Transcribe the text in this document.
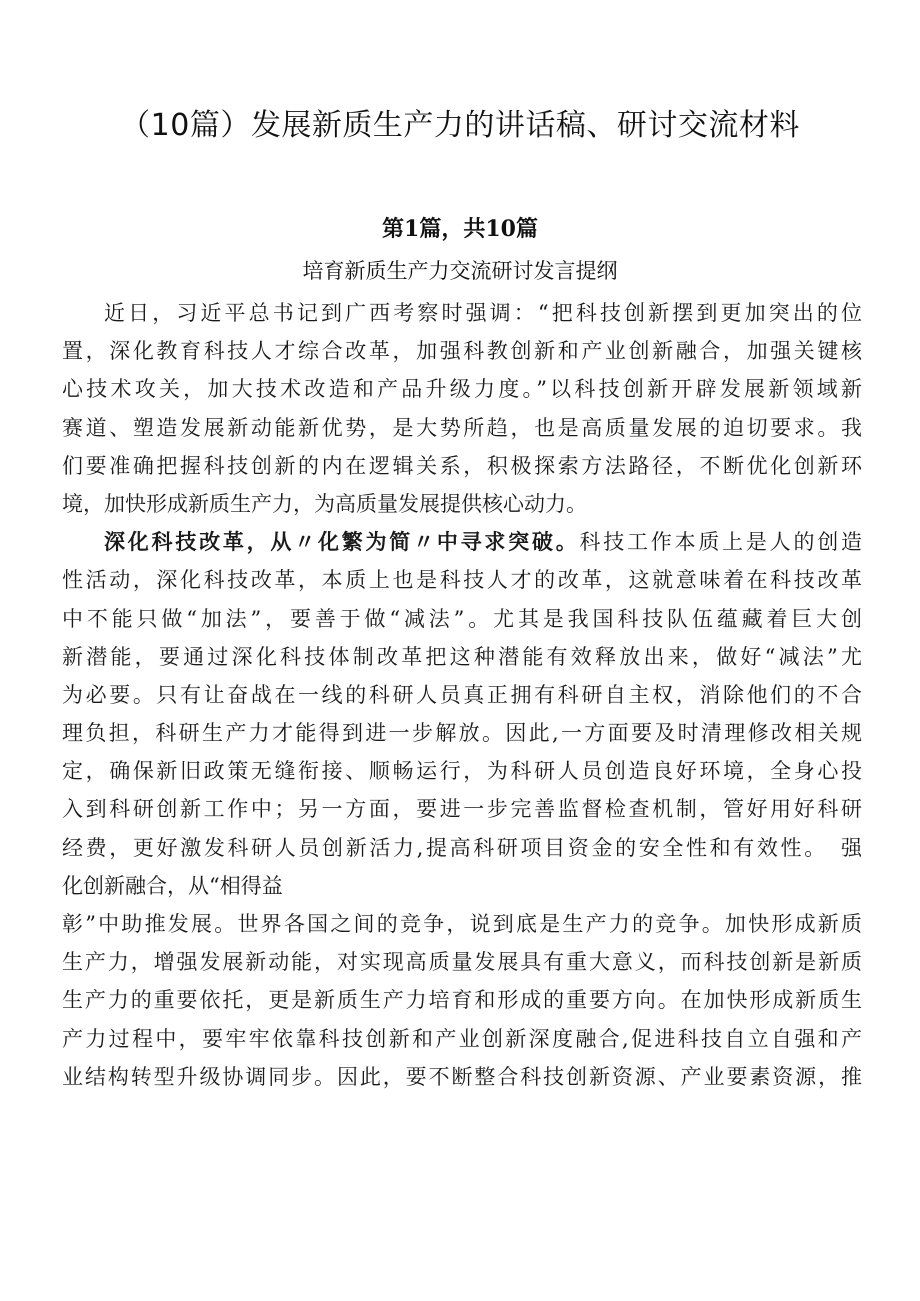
（10篇）发展新质生产力的讲话稿、研讨交流材料
第1篇，共10篇
培育新质生产力交流研讨发言提纲
近日，习近平总书记到广西考察时强调：“把科技创新摆到更加突出的位
置，深化教育科技人才综合改革，加强科教创新和产业创新融合，加强关键核
心技术攻关，加大技术改造和产品升级力度。”以科技创新开辟发展新领域新
赛道、塑造发展新动能新优势，是大势所趋，也是高质量发展的迫切要求。我
们要准确把握科技创新的内在逻辑关系，积极探索方法路径，不断优化创新环
境，加快形成新质生产力，为高质量发展提供核心动力。
深化科技改革，从〃化繁为简〃中寻求突破。科技工作本质上是人的创造
性活动，深化科技改革，本质上也是科技人才的改革，这就意味着在科技改革
中不能只做“加法”，要善于做“减法”。尤其是我国科技队伍蕴藏着巨大创
新潜能，要通过深化科技体制改革把这种潜能有效释放出来，做好“减法”尤
为必要。只有让奋战在一线的科研人员真正拥有科研自主权，消除他们的不合
理负担，科研生产力才能得到进一步解放。因此,一方面要及时清理修改相关规
定，确保新旧政策无缝衔接、顺畅运行，为科研人员创造良好环境，全身心投
入到科研创新工作中；另一方面，要进一步完善监督检查机制，管好用好科研
经费，更好激发科研人员创新活力,提高科研项目资金的安全性和有效性。　强
化创新融合，从“相得益
彰”中助推发展。世界各国之间的竞争，说到底是生产力的竞争。加快形成新质
生产力，增强发展新动能，对实现高质量发展具有重大意义，而科技创新是新质
生产力的重要依托，更是新质生产力培育和形成的重要方向。在加快形成新质生
产力过程中，要牢牢依靠科技创新和产业创新深度融合,促进科技自立自强和产
业结构转型升级协调同步。因此，要不断整合科技创新资源、产业要素资源，推
